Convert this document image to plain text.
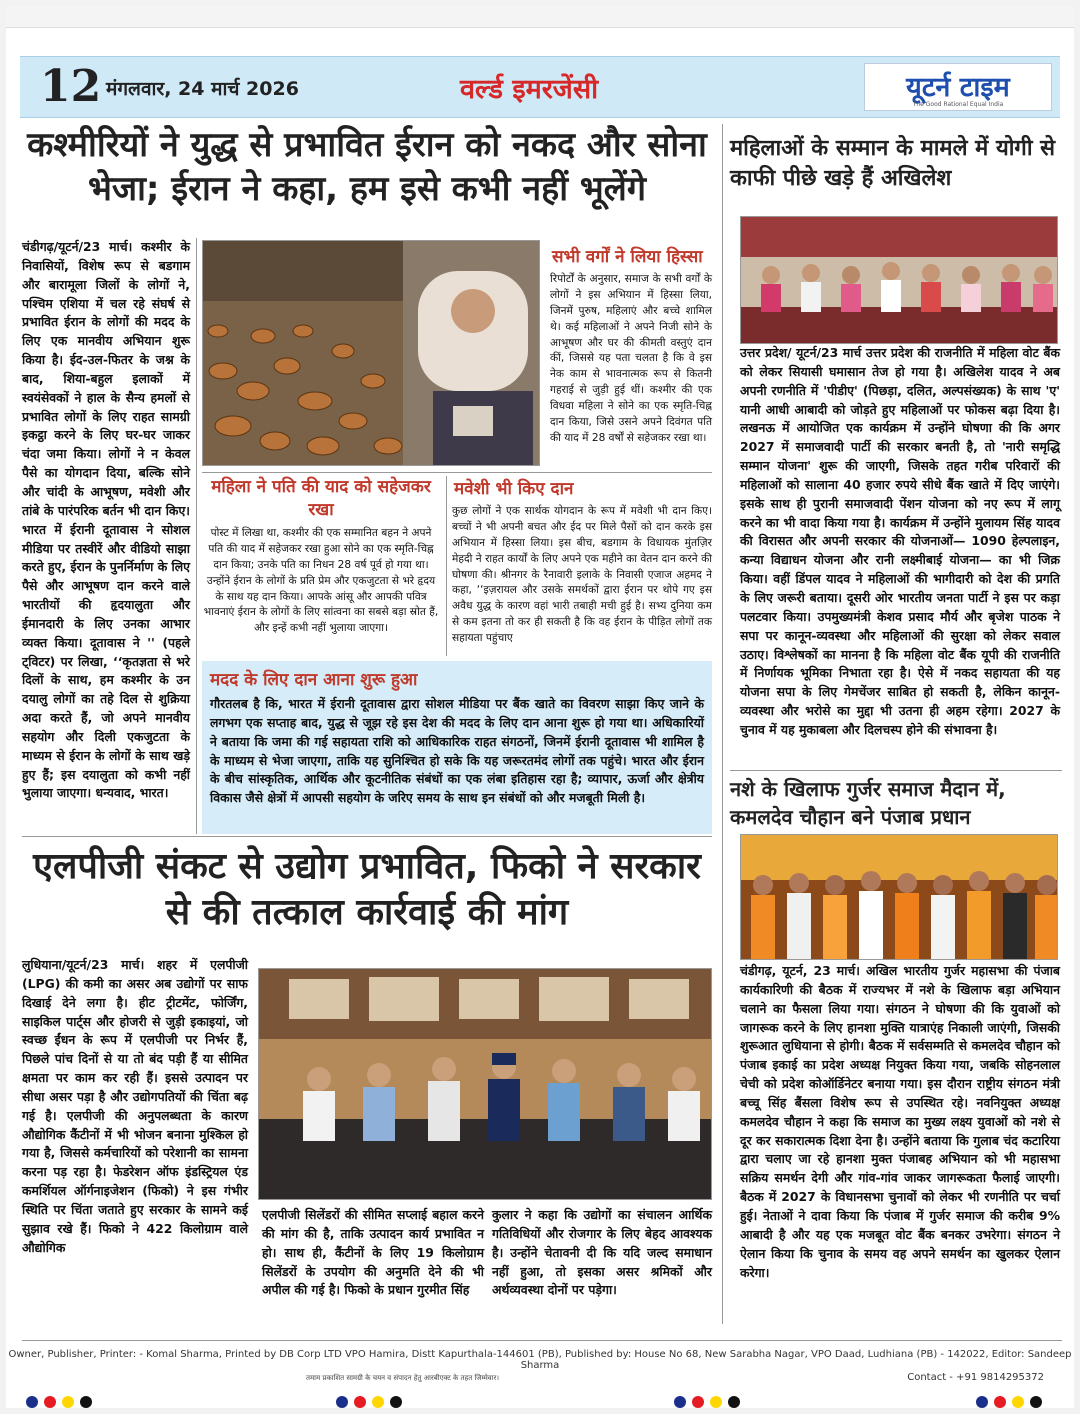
12 मंगलवार, 24 मार्च 2026	वर्ल्ड इमरजेंसी	यूटर्न टाइम
The Good Rational Equal India
कश्मीरियों ने युद्ध से प्रभावित ईरान को नकद और सोना भेजा; ईरान ने कहा, हम इसे कभी नहीं भूलेंगे
चंडीगढ़/यूटर्न/23 मार्च। कश्मीर के निवासियों, विशेष रूप से बडगाम और बारामूला जिलों के लोगों ने, पश्चिम एशिया में चल रहे संघर्ष से प्रभावित ईरान के लोगों की मदद के लिए एक मानवीय अभियान शुरू किया है। ईद-उल-फितर के जश्न के बाद, शिया-बहुल इलाकों में स्वयंसेवकों ने हाल के सैन्य हमलों से प्रभावित लोगों के लिए राहत सामग्री इकट्ठा करने के लिए घर-घर जाकर चंदा जमा किया। लोगों ने न केवल पैसे का योगदान दिया, बल्कि सोने और चांदी के आभूषण, मवेशी और तांबे के पारंपरिक बर्तन भी दान किए। भारत में ईरानी दूतावास ने सोशल मीडिया पर तस्वीरें और वीडियो साझा करते हुए, ईरान के पुनर्निर्माण के लिए पैसे और आभूषण दान करने वाले भारतीयों की हृदयालुता और ईमानदारी के लिए उनका आभार व्यक्त किया। दूतावास ने '' (पहले ट्विटर) पर लिखा, ‘‘कृतज्ञता से भरे दिलों के साथ, हम कश्मीर के उन दयालु लोगों का तहे दिल से शुक्रिया अदा करते हैं, जो अपने मानवीय सहयोग और दिली एकजुटता के माध्यम से ईरान के लोगों के साथ खड़े हुए हैं; इस दयालुता को कभी नहीं भुलाया जाएगा। धन्यवाद, भारत।
सभी वर्गों ने लिया हिस्सा
रिपोर्टों के अनुसार, समाज के सभी वर्गों के लोगों ने इस अभियान में हिस्सा लिया, जिनमें पुरुष, महिलाएं और बच्चे शामिल थे। कई महिलाओं ने अपने निजी सोने के आभूषण और घर की कीमती वस्तुएं दान कीं, जिससे यह पता चलता है कि वे इस नेक काम से भावनात्मक रूप से कितनी गहराई से जुड़ी हुई थीं। कश्मीर की एक विधवा महिला ने सोने का एक स्मृति-चिह्न दान किया, जिसे उसने अपने दिवंगत पति की याद में 28 वर्षों से सहेजकर रखा था।
महिला ने पति की याद को सहेजकर रखा
पोस्ट में लिखा था, कश्मीर की एक सम्मानित बहन ने अपने पति की याद में सहेजकर रखा हुआ सोने का एक स्मृति-चिह्न दान किया; उनके पति का निधन 28 वर्ष पूर्व हो गया था। उन्होंने ईरान के लोगों के प्रति प्रेम और एकजुटता से भरे हृदय के साथ यह दान किया। आपके आंसू और आपकी पवित्र भावनाएं ईरान के लोगों के लिए सांत्वना का सबसे बड़ा स्रोत हैं, और इन्हें कभी नहीं भुलाया जाएगा।
मवेशी भी किए दान
कुछ लोगों ने एक सार्थक योगदान के रूप में मवेशी भी दान किए। बच्चों ने भी अपनी बचत और ईद पर मिले पैसों को दान करके इस अभियान में हिस्सा लिया। इस बीच, बडगाम के विधायक मुंतज़िर मेहदी ने राहत कार्यों के लिए अपने एक महीने का वेतन दान करने की घोषणा की। श्रीनगर के रैनावारी इलाके के निवासी एजाज अहमद ने कहा, ‘‘इज़रायल और उसके समर्थकों द्वारा ईरान पर थोपे गए इस अवैध युद्ध के कारण वहां भारी तबाही मची हुई है। सभ्य दुनिया कम से कम इतना तो कर ही सकती है कि वह ईरान के पीड़ित लोगों तक सहायता पहुंचाए
मदद के लिए दान आना शुरू हुआ
गौरतलब है कि, भारत में ईरानी दूतावास द्वारा सोशल मीडिया पर बैंक खाते का विवरण साझा किए जाने के लगभग एक सप्ताह बाद, युद्ध से जूझ रहे इस देश की मदद के लिए दान आना शुरू हो गया था। अधिकारियों ने बताया कि जमा की गई सहायता राशि को आधिकारिक राहत संगठनों, जिनमें ईरानी दूतावास भी शामिल है के माध्यम से भेजा जाएगा, ताकि यह सुनिश्चित हो सके कि यह जरूरतमंद लोगों तक पहुंचे। भारत और ईरान के बीच सांस्कृतिक, आर्थिक और कूटनीतिक संबंधों का एक लंबा इतिहास रहा है; व्यापार, ऊर्जा और क्षेत्रीय विकास जैसे क्षेत्रों में आपसी सहयोग के जरिए समय के साथ इन संबंधों को और मजबूती मिली है।
महिलाओं के सम्मान के मामले में योगी से काफी पीछे खड़े हैं अखिलेश
उत्तर प्रदेश/ यूटर्न/23 मार्च उत्तर प्रदेश की राजनीति में महिला वोट बैंक को लेकर सियासी घमासान तेज हो गया है। अखिलेश यादव ने अब अपनी रणनीति में 'पीडीए' (पिछड़ा, दलित, अल्पसंख्यक) के साथ 'ए' यानी आधी आबादी को जोड़ते हुए महिलाओं पर फोकस बढ़ा दिया है। लखनऊ में आयोजित एक कार्यक्रम में उन्होंने घोषणा की कि अगर 2027 में समाजवादी पार्टी की सरकार बनती है, तो 'नारी समृद्धि सम्मान योजना' शुरू की जाएगी, जिसके तहत गरीब परिवारों की महिलाओं को सालाना 40 हजार रुपये सीधे बैंक खाते में दिए जाएंगे। इसके साथ ही पुरानी समाजवादी पेंशन योजना को नए रूप में लागू करने का भी वादा किया गया है। कार्यक्रम में उन्होंने मुलायम सिंह यादव की विरासत और अपनी सरकार की योजनाओं— 1090 हेल्पलाइन, कन्या विद्याधन योजना और रानी लक्ष्मीबाई योजना— का भी जिक्र किया। वहीं डिंपल यादव ने महिलाओं की भागीदारी को देश की प्रगति के लिए जरूरी बताया। दूसरी ओर भारतीय जनता पार्टी ने इस पर कड़ा पलटवार किया। उपमुख्यमंत्री केशव प्रसाद मौर्य और बृजेश पाठक ने सपा पर कानून-व्यवस्था और महिलाओं की सुरक्षा को लेकर सवाल उठाए। विश्लेषकों का मानना है कि महिला वोट बैंक यूपी की राजनीति में निर्णायक भूमिका निभाता रहा है। ऐसे में नकद सहायता की यह योजना सपा के लिए गेमचेंजर साबित हो सकती है, लेकिन कानून-व्यवस्था और भरोसे का मुद्दा भी उतना ही अहम रहेगा। 2027 के चुनाव में यह मुकाबला और दिलचस्प होने की संभावना है।
नशे के खिलाफ गुर्जर समाज मैदान में, कमलदेव चौहान बने पंजाब प्रधान
चंडीगढ़, यूटर्न, 23 मार्च। अखिल भारतीय गुर्जर महासभा की पंजाब कार्यकारिणी की बैठक में राज्यभर में नशे के खिलाफ बड़ा अभियान चलाने का फैसला लिया गया। संगठन ने घोषणा की कि युवाओं को जागरूक करने के लिए हानशा मुक्ति यात्राएंह निकाली जाएंगी, जिसकी शुरूआत लुधियाना से होगी। बैठक में सर्वसम्मति से कमलदेव चौहान को पंजाब इकाई का प्रदेश अध्यक्ष नियुक्त किया गया, जबकि सोहनलाल चेची को प्रदेश कोऑर्डिनेटर बनाया गया। इस दौरान राष्ट्रीय संगठन मंत्री बच्चू सिंह बैंसला विशेष रूप से उपस्थित रहे। नवनियुक्त अध्यक्ष कमलदेव चौहान ने कहा कि समाज का मुख्य लक्ष्य युवाओं को नशे से दूर कर सकारात्मक दिशा देना है। उन्होंने बताया कि गुलाब चंद कटारिया द्वारा चलाए जा रहे हानशा मुक्त पंजाबह अभियान को भी महासभा सक्रिय समर्थन देगी और गांव-गांव जाकर जागरूकता फैलाई जाएगी। बैठक में 2027 के विधानसभा चुनावों को लेकर भी रणनीति पर चर्चा हुई। नेताओं ने दावा किया कि पंजाब में गुर्जर समाज की करीब 9% आबादी है और यह एक मजबूत वोट बैंक बनकर उभरेगा। संगठन ने ऐलान किया कि चुनाव के समय वह अपने समर्थन का खुलकर ऐलान करेगा।
एलपीजी संकट से उद्योग प्रभावित, फिको ने सरकार से की तत्काल कार्रवाई की मांग
लुधियाना/यूटर्न/23 मार्च। शहर में एलपीजी (LPG) की कमी का असर अब उद्योगों पर साफ दिखाई देने लगा है। हीट ट्रीटमेंट, फोर्जिंग, साइकिल पार्ट्स और होजरी से जुड़ी इकाइयां, जो स्वच्छ ईंधन के रूप में एलपीजी पर निर्भर हैं, पिछले पांच दिनों से या तो बंद पड़ी हैं या सीमित क्षमता पर काम कर रही हैं। इससे उत्पादन पर सीधा असर पड़ा है और उद्योगपतियों की चिंता बढ़ गई है। एलपीजी की अनुपलब्धता के कारण औद्योगिक कैंटीनों में भी भोजन बनाना मुश्किल हो गया है, जिससे कर्मचारियों को परेशानी का सामना करना पड़ रहा है। फेडरेशन ऑफ इंडस्ट्रियल एंड कमर्शियल ऑर्गनाइजेशन (फिको) ने इस गंभीर स्थिति पर चिंता जताते हुए सरकार के सामने कई सुझाव रखे हैं। फिको ने 422 किलोग्राम वाले औद्योगिक
एलपीजी सिलेंडरों की सीमित सप्लाई बहाल करने की मांग की है, ताकि उत्पादन कार्य प्रभावित न हो। साथ ही, कैंटीनों के लिए 19 किलोग्राम सिलेंडरों के उपयोग की अनुमति देने की भी अपील की गई है। फिको के प्रधान गुरमीत सिंह
कुलार ने कहा कि उद्योगों का संचालन आर्थिक गतिविधियों और रोजगार के लिए बेहद आवश्यक है। उन्होंने चेतावनी दी कि यदि जल्द समाधान नहीं हुआ, तो इसका असर श्रमिकों और अर्थव्यवस्था दोनों पर पड़ेगा।
Owner, Publisher, Printer: - Komal Sharma, Printed by DB Corp LTD VPO Hamira, Distt Kapurthala-144601 (PB), Published by: House No 68, New Sarabha Nagar, VPO Daad, Ludhiana (PB) - 142022, Editor: Sandeep Sharma
तमाम प्रकाशित सामग्री के चयन व संपादन हेतु आरबीएक्ट के तहत जिम्मेवार।	Contact - +91 9814295372
